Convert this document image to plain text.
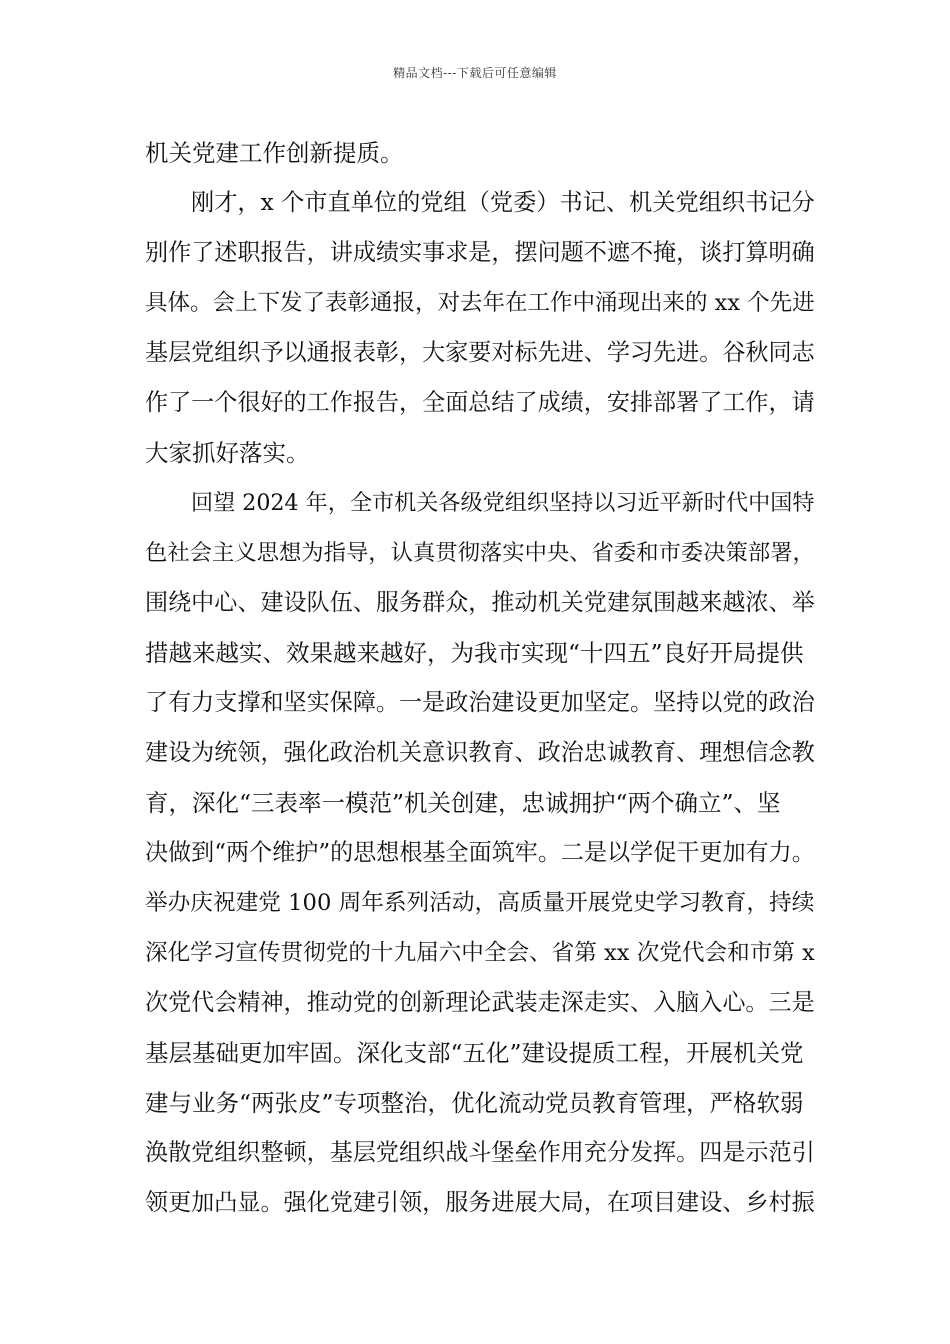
精品文档---下载后可任意编辑
机关党建工作创新提质。
刚才，x 个市直单位的党组（党委）书记、机关党组织书记分
别作了述职报告，讲成绩实事求是，摆问题不遮不掩，谈打算明确
具体。会上下发了表彰通报，对去年在工作中涌现出来的 xx 个先进
基层党组织予以通报表彰，大家要对标先进、学习先进。谷秋同志
作了一个很好的工作报告，全面总结了成绩，安排部署了工作，请
大家抓好落实。
回望 2024 年，全市机关各级党组织坚持以习近平新时代中国特
色社会主义思想为指导，认真贯彻落实中央、省委和市委决策部署，
围绕中心、建设队伍、服务群众，推动机关党建氛围越来越浓、举
措越来越实、效果越来越好，为我市实现“十四五”良好开局提供
了有力支撑和坚实保障。一是政治建设更加坚定。坚持以党的政治
建设为统领，强化政治机关意识教育、政治忠诚教育、理想信念教
育，深化“三表率一模范”机关创建，忠诚拥护“两个确立”、坚
决做到“两个维护”的思想根基全面筑牢。二是以学促干更加有力。
举办庆祝建党 100 周年系列活动，高质量开展党史学习教育，持续
深化学习宣传贯彻党的十九届六中全会、省第 xx 次党代会和市第 x
次党代会精神，推动党的创新理论武装走深走实、入脑入心。三是
基层基础更加牢固。深化支部“五化”建设提质工程，开展机关党
建与业务“两张皮”专项整治，优化流动党员教育管理，严格软弱
涣散党组织整顿，基层党组织战斗堡垒作用充分发挥。四是示范引
领更加凸显。强化党建引领，服务进展大局，在项目建设、乡村振
